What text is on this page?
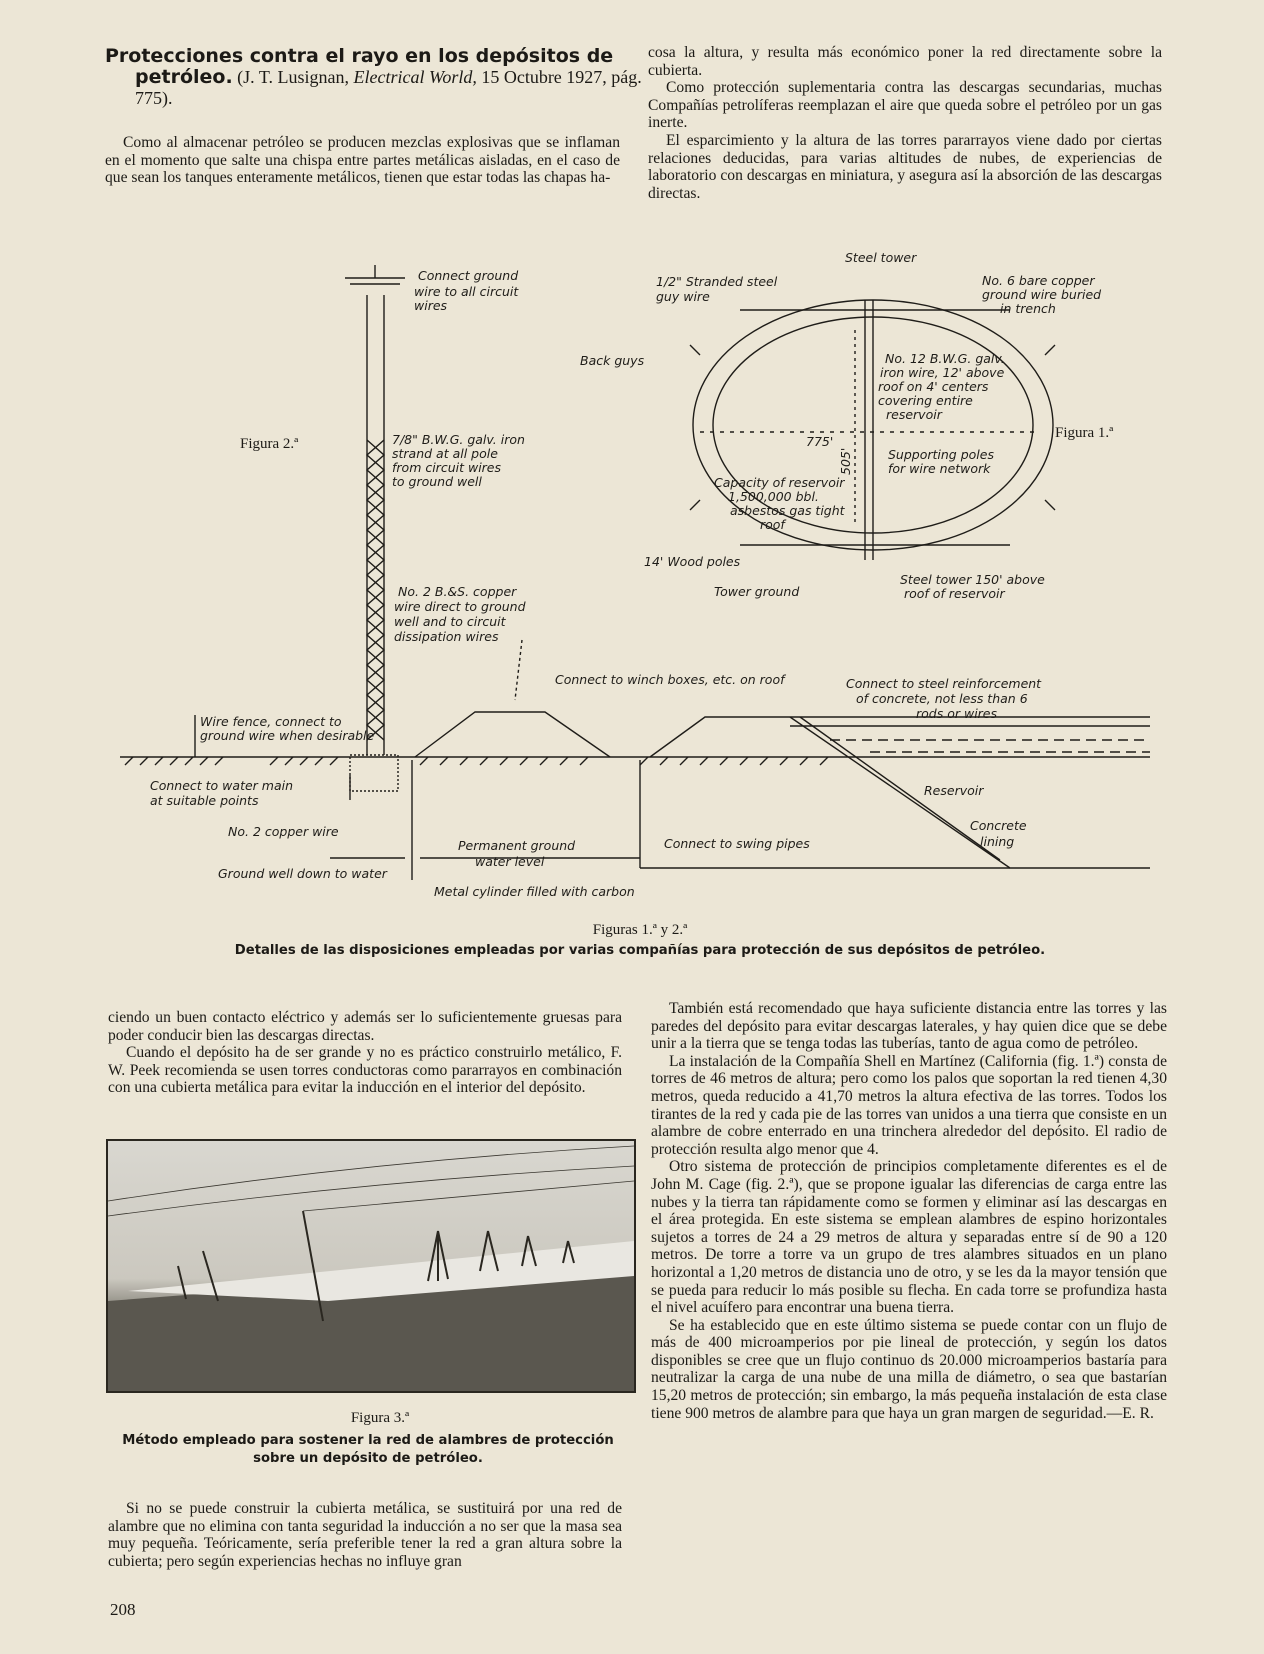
Protecciones contra el rayo en los depósitos de petróleo. (J. T. Lusignan, Electrical World, 15 Octubre 1927, pág. 775).

Como al almacenar petróleo se producen mezclas explosivas que se inflaman en el momento que salte una chispa entre partes metálicas aisladas, en el caso de que sean los tanques enteramente metálicos, tienen que estar todas las chapas ha-

cosa la altura, y resulta más económico poner la red directamente sobre la cubierta.

Como protección suplementaria contra las descargas secundarias, muchas Compañías petrolíferas reemplazan el aire que queda sobre el petróleo por un gas inerte.

El esparcimiento y la altura de las torres pararrayos viene dado por ciertas relaciones deducidas, para varias altitudes de nubes, de experiencias de laboratorio con descargas en miniatura, y asegura así la absorción de las descargas directas.

Connect ground
wire to all circuit
wires
7/8" B.W.G. galv. iron
strand at all pole
from circuit wires
to ground well
No. 2 B.&S. copper
wire direct to ground
well and to circuit
dissipation wires
Connect to winch boxes, etc. on roof	Connect to steel reinforcement
of concrete, not less than 6
rods or wires
Wire fence, connect to
ground wire when desirable
Connect to water main
at suitable points
No. 2 copper wire
Permanent ground
water level
Connect to swing pipes
Ground well down to water
Metal cylinder filled with carbon
Reservoir
Concrete
lining
Steel tower
1/2" Stranded steel
guy wire
No. 6 bare copper
ground wire buried
in trench
Back guys	No. 12 B.W.G. galv.
iron wire, 12' above
roof on 4' centers
covering entire
reservoir
775'
505'	Supporting poles
for wire network
Capacity of reservoir
1,500,000 bbl.
asbestos gas tight
roof
14' Wood poles
Tower ground
Steel tower 150' above
roof of reservoir
Figura 2.ª
Figura 1.ª
Figuras 1.ª y 2.ª
Detalles de las disposiciones empleadas por varias compañías para protección de sus depósitos de petróleo.

ciendo un buen contacto eléctrico y además ser lo suficientemente gruesas para poder conducir bien las descargas directas.

Cuando el depósito ha de ser grande y no es práctico construirlo metálico, F. W. Peek recomienda se usen torres conductoras como pararrayos en combinación con una cubierta metálica para evitar la inducción en el interior del depósito.

Figura 3.ª
Método empleado para sostener la red de alambres de protección sobre un depósito de petróleo.

Si no se puede construir la cubierta metálica, se sustituirá por una red de alambre que no elimina con tanta seguridad la inducción a no ser que la masa sea muy pequeña. Teóricamente, sería preferible tener la red a gran altura sobre la cubierta; pero según experiencias hechas no influye gran

También está recomendado que haya suficiente distancia entre las torres y las paredes del depósito para evitar descargas laterales, y hay quien dice que se debe unir a la tierra que se tenga todas las tuberías, tanto de agua como de petróleo.

La instalación de la Compañía Shell en Martínez (California (fig. 1.ª) consta de torres de 46 metros de altura; pero como los palos que soportan la red tienen 4,30 metros, queda reducido a 41,70 metros la altura efectiva de las torres. Todos los tirantes de la red y cada pie de las torres van unidos a una tierra que consiste en un alambre de cobre enterrado en una trinchera alrededor del depósito. El radio de protección resulta algo menor que 4.

Otro sistema de protección de principios completamente diferentes es el de John M. Cage (fig. 2.ª), que se propone igualar las diferencias de carga entre las nubes y la tierra tan rápidamente como se formen y eliminar así las descargas en el área protegida. En este sistema se emplean alambres de espino horizontales sujetos a torres de 24 a 29 metros de altura y separadas entre sí de 90 a 120 metros. De torre a torre va un grupo de tres alambres situados en un plano horizontal a 1,20 metros de distancia uno de otro, y se les da la mayor tensión que se pueda para reducir lo más posible su flecha. En cada torre se profundiza hasta el nivel acuífero para encontrar una buena tierra.

Se ha establecido que en este último sistema se puede contar con un flujo de más de 400 microamperios por pie lineal de protección, y según los datos disponibles se cree que un flujo continuo ds 20.000 microamperios bastaría para neutralizar la carga de una nube de una milla de diámetro, o sea que bastarían 15,20 metros de protección; sin embargo, la más pequeña instalación de esta clase tiene 900 metros de alambre para que haya un gran margen de seguridad.—E. R.

208
